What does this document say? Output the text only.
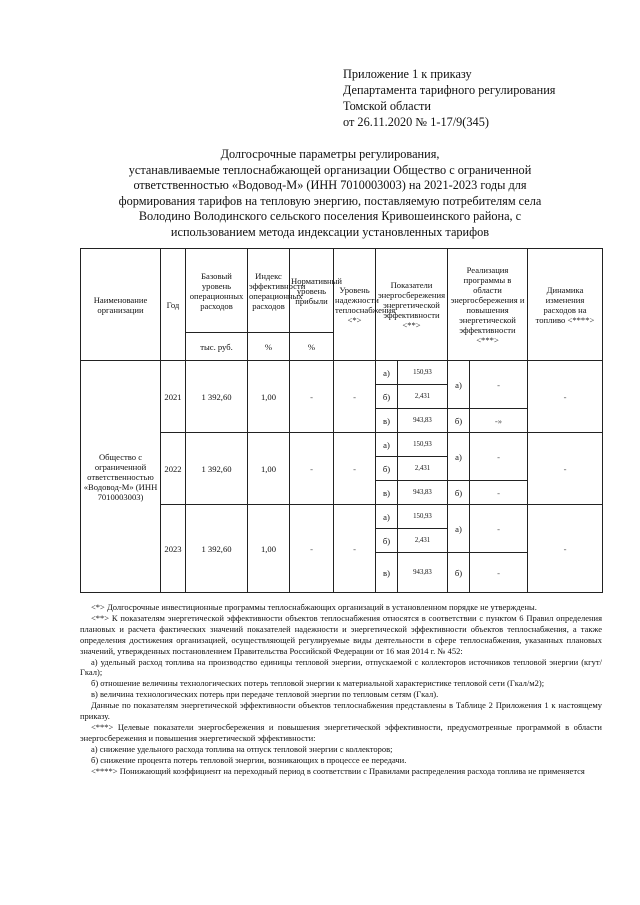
Приложение 1 к приказу
Департамента тарифного регулирования
Томской области
от 26.11.2020 № 1-17/9(345)
Долгосрочные параметры регулирования,
устанавливаемые теплоснабжающей организации Общество с ограниченной
ответственностью «Водовод-М» (ИНН 7010003003) на 2021-2023 годы для
формирования тарифов на тепловую энергию, поставляемую потребителям села
Володино Володинского сельского поселения Кривошеинского района, с
использованием метода индексации установленных тарифов
Наименование организации	Год	Базовый уровень операционных расходов	Индекс эффективности операционных расходов	Нормативный уровень прибыли	Уровень надежности теплоснабжения <*>	Показатели энергосбережения энергетической эффективности <**>		Реализация программы в области энергосбережения и повышения энергетической эффективности <***>		Динамика изменения расходов на топливо <****>
		тыс. руб.	%	%						
Общество с ограниченной ответственностью «Водовод-М» (ИНН 7010003003)	2021	1 392,60	1,00	-	-	а)	150,93	а)	-	-
						б)	2,431			
						в)	943,83	б)	-»	
	2022	1 392,60	1,00	-	-	а)	150,93	а)	-	-
						б)	2,431			
						в)	943,83	б)	-	
	2023	1 392,60	1,00	-	-	а)	150,93	а)	-	-
						б)	2,431			
						в)	943,83	б)	-	

<*> Долгосрочные инвестиционные программы теплоснабжающих организаций в установленном порядке не утверждены.

<**> К показателям энергетической эффективности объектов теплоснабжения относятся в соответствии с пунктом 6 Правил определения плановых и расчета фактических значений показателей надежности и энергетической эффективности объектов теплоснабжения, а также определения достижения организацией, осуществляющей регулируемые виды деятельности в сфере теплоснабжения, указанных плановых значений, утвержденных постановлением Правительства Российской Федерации от 16 мая 2014 г. № 452:

а) удельный расход топлива на производство единицы тепловой энергии, отпускаемой с коллекторов источников тепловой энергии (кгут/Гкал);

б) отношение величины технологических потерь тепловой энергии к материальной характеристике тепловой сети (Гкал/м2);

в) величина технологических потерь при передаче тепловой энергии по тепловым сетям (Гкал).

Данные по показателям энергетической эффективности объектов теплоснабжения представлены в Таблице 2 Приложения 1 к настоящему приказу.

<***> Целевые показатели энергосбережения и повышения энергетической эффективности, предусмотренные программой в области энергосбережения и повышения энергетической эффективности:

а) снижение удельного расхода топлива на отпуск тепловой энергии с коллекторов;

б) снижение процента потерь тепловой энергии, возникающих в процессе ее передачи.

<****> Понижающий коэффициент на переходный период в соответствии с Правилами распределения расхода топлива не применяется
